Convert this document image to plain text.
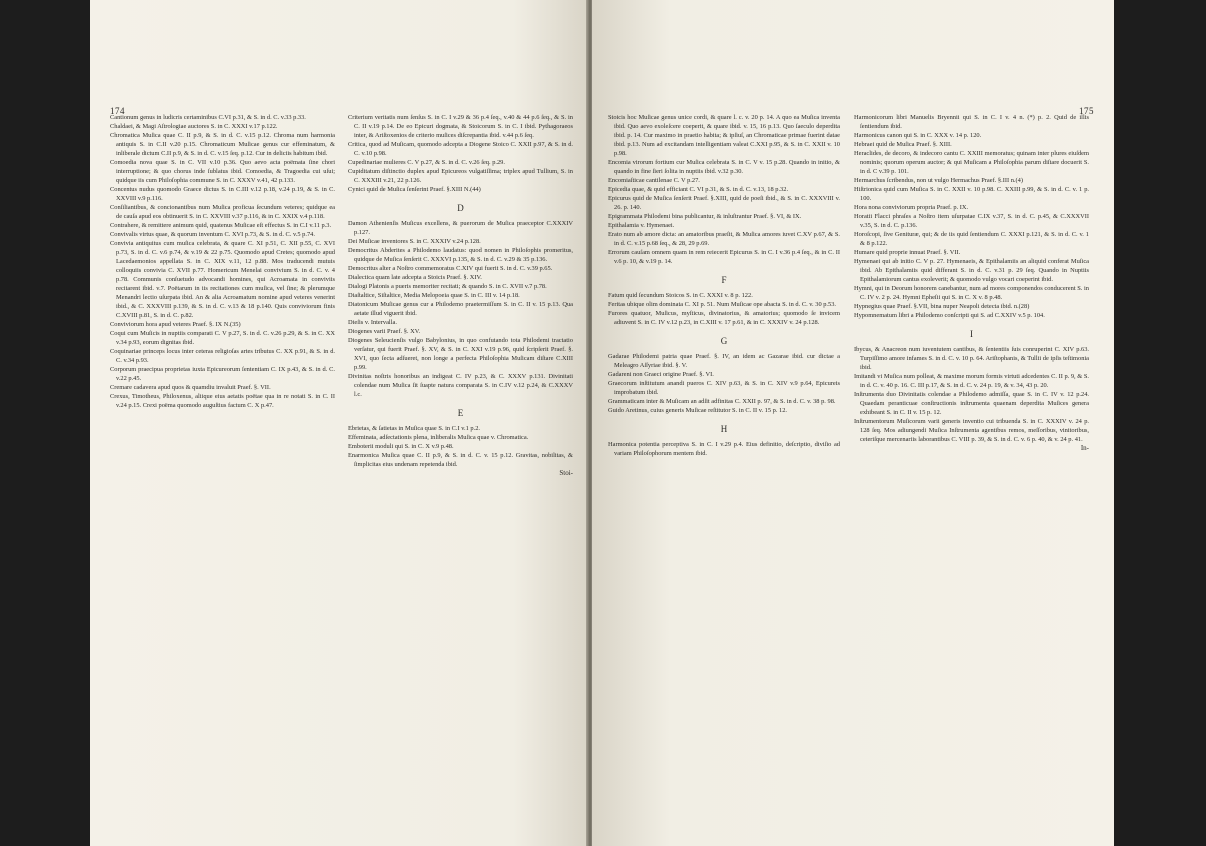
174

Cantionum genus in ludicris certaminibus C.VI p.31, & S. in d. C. v.33 p.33.

Chaldaei, & Magi Aſtrologiae auctores S. in C. XXXI v.17 p.122.

Chromatica Muſica quae C. II p.9, & S. in d. C. v.15 p.12. Chroma num harmonia antiquis S. in C.II v.20 p.15. Chromaticum Muſicae genus cur effeminatum, & inliberale dictum C.II p.9, & S. in d. C. v.15 ſeq. p.12. Cur in deliciis habitum ibid.

Comoedia nova quae S. in C. VII v.10 p.36. Quo aevo acta poëmata ſine chori interruptione; & quo chorus inde ſublatus ibid. Comoedia, & Tragoedia cui uſui; quidque iis cum Philoſophia commune S. in C. XXXV v.41, 42 p.133.

Concentus nudus quomodo Graece dictus S. in C.III v.12 p.18, v.24 p.19, & S. in C. XXVIII v.9 p.116.

Conſiliantibus, & concionantibus num Muſica proficua ſecundum veteres; quidque ea de cauſa apud eos obtinuerit S. in C. XXVIII v.37 p.116, & in C. XXIX v.4 p.118.

Contrahere, & remittere animum quid, quatenus Muſicae eſt effectus S. in C.I v.11 p.3.

Convivalis virtus quae, & quorum inventum C. XVI p.73, & S. in d. C. v.5 p.74.

Convivia antiquitus cum muſica celebrata, & quare C. XI p.51, C. XII p.55, C. XVI p.73, S. in d. C. v.6 p.74, & v.19 & 22 p.75. Quomodo apud Cretes; quomodo apud Lacedaemonios appellata S. in C. XIX v.11, 12 p.88. Mos traducendi mutuis colloquiis convivia C. XVII p.77. Homericum Menelai convivium S. in d. C. v. 4 p.78. Communis conſuetudo advocandi homines, qui Acroamata in conviviis recitarent ibid. v.7. Poëtarum in iis recitationes cum muſica, vel ſine; & plerumque Menandri lectio uſurpata ibid. An & alia Acroamatum nomine apud veteres venerint ibid., & C. XXXVIII p.139, & S. in d. C. v.13 & 18 p.140. Quis conviviorum finis C.XVIII p.81, S. in d. C. p.82.

Conviviorum hora apud veteres Praef. §. IX N.(35)

Coqui cum Muſicis in nuptiis comparati C. V p.27, S. in d. C. v.26 p.29, & S. in C. XX v.34 p.93, eorum dignitas ibid.

Coquinariae princeps locus inter ceteras religioſas artes tributus C. XX p.91, & S. in d. C. v.34 p.93.

Corporum praecipua proprietas iuxta Epicureorum ſententiam C. IX p.43, & S. in d. C. v.22 p.45.

Cremare cadavera apud quos & quamdiu invaluit Praef. §. VII.

Crexus, Timotheus, Philoxenus, aliique eius aetatis poëtae qua in re notati S. in C. II v.24 p.15. Crexi poëma quomodo auguſtius factum C. X p.47.

Criterium veritatis num ſenſus S. in C. I v.29 & 36 p.4 ſeq., v.40 & 44 p.6 ſeq., & S. in C. II v.19 p.14. De eo Epicuri dogmata, & Stoicorum S. in C. I ibid. Pythagoraeos inter, & Ariſtoxenios de criterio muſices diſcrepantia ibid. v.44 p.6 ſeq.

Critica, quod ad Muſicam, quomodo adcepta a Diogene Stoico C. XXII p.97, & S. in d. C. v.10 p.98.

Cupedinariae mulieres C. V p.27, & S. in d. C. v.26 ſeq. p.29.

Cupiditatum diſtinctio duplex apud Epicureos vulgatiſſima; triplex apud Tullium, S. in C. XXXIII v.21, 22 p.126.

Cynici quid de Muſica ſenſerint Praef. §.XIII N.(44)

D

Damon Athenienſis Muſicus excellens, & puerorum de Muſica praeceptor C.XXXIV p.127.

Dei Muſicae inventores S. in C. XXXIV v.24 p.128.

Democritus Abderites a Philodemo laudatus: quod nomen in Philoſophis promeritus, quidque de Muſica ſenſerit C. XXXVI p.135, & S. in d. C. v.29 & 35 p.136.

Democritus alter a Noſtro commemoratus C.XIV qui fuerit S. in d. C. v.39 p.65.

Dialectica quam late adcepta a Stoicis Praef. §. XIV.

Dialogi Platonis a pueris memoriter recitati; & quando S. in C. XVII v.7 p.78.

Diaſtaltice, Siſtaltice, Media Melopoeia quae S. in C. III v. 14 p.18.

Diatonicum Muſicae genus cur a Philodemo praetermiſſum S. in C. II v. 15 p.13. Qua aetate illud viguerit ibid.

Dieſis v. Intervalla.

Diogenes varii Praef. §. XV.

Diogenes Seleucienſis vulgo Babylonius, in quo confutando tota Philodemi tractatio verſatur, qui fuerit Praef. §. XV, & S. in C. XXI v.19 p.96, quid ſcripſerit Praef. §. XVI, quo ſecta adſueret, non longe a perfecta Philoſophia Muſicam diſtare C.XIII p.99.

Divinitas noſtris honoribus an indigeat C. IV p.23, & C. XXXV p.131. Divinitati colendae num Muſica ſit ſuapte natura comparata S. in C.IV v.12 p.24, & C.XXXV l.c.

E

Ebrietas, & ſatietas in Muſica quae S. in C.I v.1 p.2.

Effeminata, adſectationis plena, inliberalis Muſica quae v. Chromatica.

Emboterii moduli qui S. in C. X v.9 p.48.

Enarmonica Muſica quae C. II p.9, & S. in d. C. v. 15 p.12. Gravitas, nobilitas, & ſimplicitas eius undenam repetenda ibid.

Stoi-

175

Stoicis hoc Muſicae genus unice cordi, & quare l. c. v. 20 p. 14. A quo ea Muſica inventa ibid. Quo aevo exoleſcere coeperit, & quare ibid. v. 15, 16 p.13. Quo ſaeculo deperdita ibid. p. 14. Cur maximo in praetio habita; & ipſiuſ, an Chromaticae primae fuerint datae ibid. p.13. Num ad excitandam intelligentiam valeat C.XXI p.95, & S. in C. XXII v. 10 p.98.

Encomia virorum fortium cur Muſica celebrata S. in C. V v. 15 p.28. Quando in initio, & quando in fine ſieri ſolita in nuptiis ibid. v.32 p.30.

Encomiaſticae cantilenae C. V p.27.

Epicedia quae, & quid efficiant C. VI p.31, & S. in d. C. v.13, 18 p.32.

Epicurus quid de Muſica ſenſerit Praef. §.XIII, quid de poeſi ibid., & S. in C. XXXVIII v. 26. p. 140.

Epigrammata Philodemi bina publicantur, & inluſtrantur Praef. §. VI, & IX.

Epithalamia v. Hymenaei.

Erato num ab amore dicta: an amatoribus praeſit, & Muſica amores iuvet C.XV p.67, & S. in d. C. v.15 p.68 ſeq., & 28, 29 p.69.

Errorum cauſam omnem quam in rem reiecerit Epicurus S. in C. I v.36 p.4 ſeq., & in C. II v.6 p. 10, & v.19 p. 14.

F

Fatum quid ſecundum Stoicos S. in C. XXXI v. 8 p. 122.

Feritas ubique olim dominata C. XI p. 51. Num Muſicae ope abacta S. in d. C. v. 30 p.53.

Furores quatuor, Muſicus, myſticus, divinatorius, & amatorius; quomodo ſe invicem adiuvent S. in C. IV v.12 p.23, in C.XIII v. 17 p.61, & in C. XXXIV v. 24 p.128.

G

Gadarae Philodemi patria quae Praef. §. IV, an idem ac Gazarae ibid. cur dictae a Meleagro Aſſyriae ibid. §. V.

Gadareni non Graeci origine Praef. §. VI.

Graecorum inſtitutum anandi pueros C. XIV p.63, & S. in C. XIV v.9 p.64, Epicureis improbatum ibid.

Grammaticam inter & Muſicam an adſit adfinitas C. XXII p. 97, & S. in d. C. v. 38 p. 98.

Guido Aretinus, cuius generis Muſicae reſtitutor S. in C. II v. 15 p. 12.

H

Harmonica potentia perceptiva S. in C. I v.29 p.4. Eius definitio, deſcriptio, diviſio ad variam Philoſophorum mentem ibid.

Harmonicorum libri Manuelis Bryennii qui S. in C. I v. 4 n. (*) p. 2. Quid de illis ſentiendum ibid.

Harmonicus canon qui S. in C. XXX v. 14 p. 120.

Hebraei quid de Muſica Praef. §. XIII.

Heraclides, de decoro, & indecoro cantu C. XXIII memoratus; quinam inter plures eiuſdem nominis; quorum operum auctor; & qui Muſicam a Philoſophia parum diſtare docuerit S. in d. C v.39 p. 101.

Hermarchus ſcribendus, non ut vulgo Hermachus Praef. §.III n.(4)

Hiſtrionica quid cum Muſica S. in C. XXII v. 10 p.98. C. XXIII p.99, & S. in d. C. v. 1 p. 100.

Hora nona conviviorum propria Praef. p. IX.

Horatii Flacci phraſes a Noſtro item uſurpatae C.IX v.37, S. in d. C. p.45, & C.XXXVII v.35, S. in d. C. p.136.

Horoſcopi, ſive Genituræ, qui; & de iis quid ſentiendum C. XXXI p.121, & S. in d. C. v. 1 & 8 p.122.

Humare quid proprie innuat Praef. §. VII.

Hymenaei qui ab initio C. V p. 27. Hymenaeis, & Epithalamiis an aliquid conferat Muſica ibid. Ab Epithalamiis quid differant S. in d. C. v.31 p. 29 ſeq. Quando in Nuptiis Epithalamiorum cantus exoleverit; & quomodo vulgo vocari coeperint ibid.

Hymni, qui in Deorum honorem canebantur, num ad mores componendos conducerent S. in C. IV v. 2 p. 24. Hymni Epheſii qui S. in C. X v. 8 p.48.

Hypnegius quae Praef. §.VII, bina nuper Neapoli detecta ibid. n.(28)

Hypomnematum libri a Philodemo conſcripti qui S. ad C.XXIV v.5 p. 104.

I

Ibycus, & Anacreon num iuventutem cantibus, & ſententiis ſuis conruperint C. XIV p.63. Turpiſſimo amore infames S. in d. C. v. 10 p. 64. Ariſtophanis, & Tullii de ipſis teſtimonia ibid.

Imitandi vi Muſica num polleat, & maxime morum formis virtuti adcedentes C. II p. 9, & S. in d. C. v. 40 p. 16. C. III p.17, & S. in d. C. v. 24 p. 19, & v. 34, 43 p. 20.

Inſtrumenta duo Divinitatis colendae a Philodemo admiſſa, quae S. in C. IV v. 12 p.24. Quaedam peranticuae conſtructionis inſtrumenta quaenam deperdita Muſices genera exhibeant S. in C. II v. 15 p. 12.

Inſtrumentorum Muſicorum varii generis inventio cui tribuenda S. in C. XXXIV v. 24 p. 128 ſeq. Mos adiungendi Muſica Inſtrumenta agentibus remos, meſſoribus, vinitoribus, ceteriſque mercenariis laborantibus C. VIII p. 39, & S. in d. C. v. 6 p. 40, & v. 24 p. 41.

In-
